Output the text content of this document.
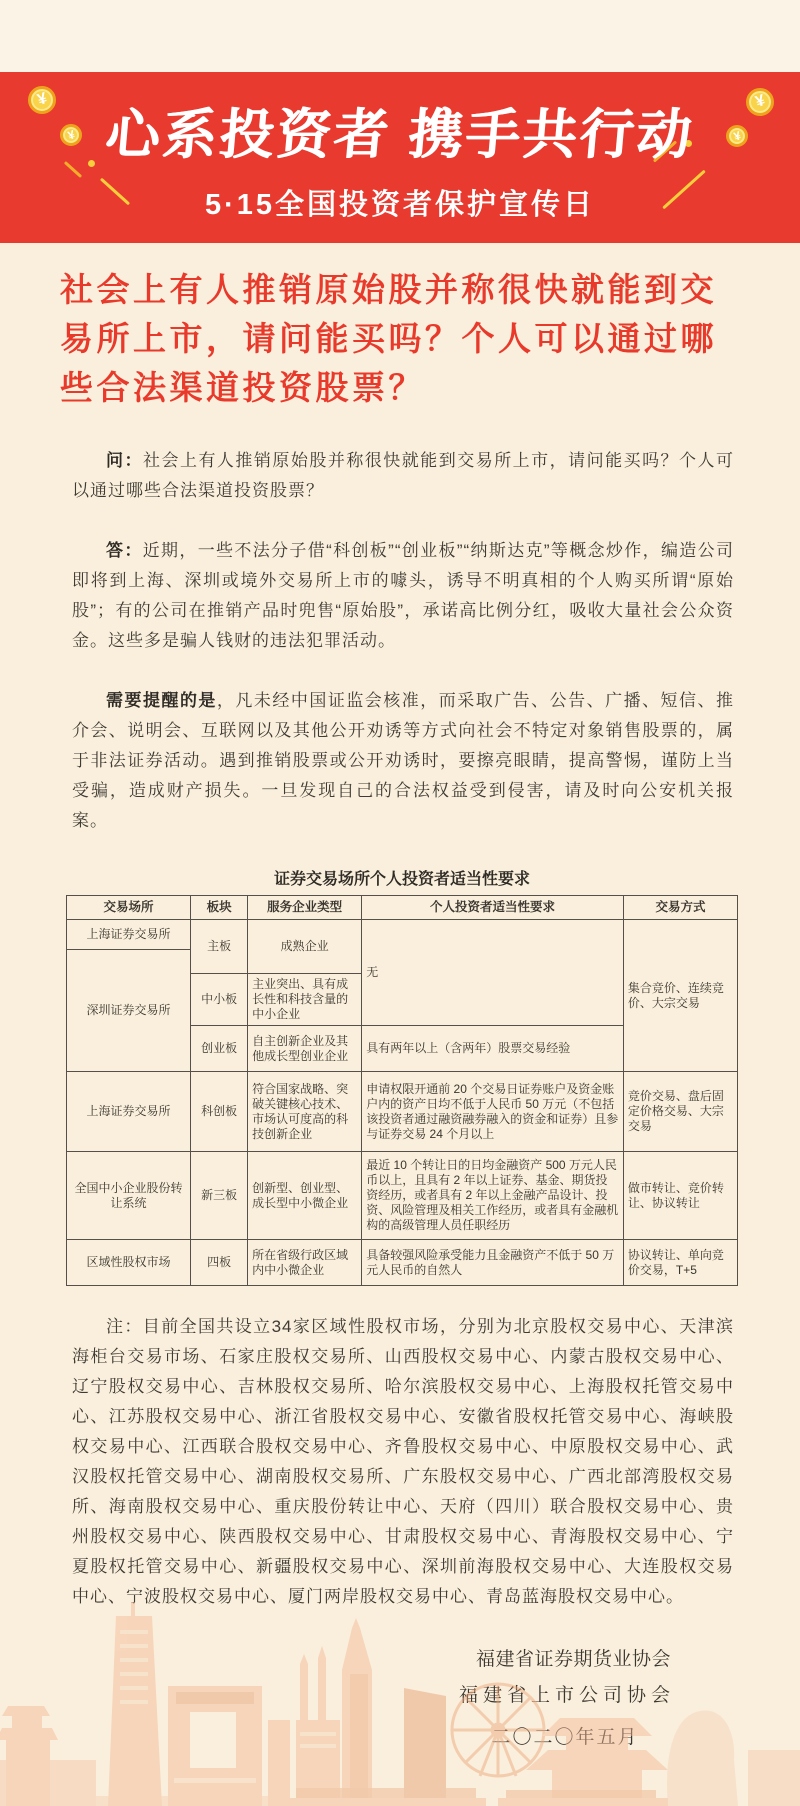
¥
¥
¥
¥
心系投资者 携手共行动
5·15全国投资者保护宣传日
社会上有人推销原始股并称很快就能到交易所上市，请问能买吗？个人可以通过哪些合法渠道投资股票？

问：社会上有人推销原始股并称很快就能到交易所上市，请问能买吗？个人可以通过哪些合法渠道投资股票？

答：近期，一些不法分子借“科创板”“创业板”“纳斯达克”等概念炒作，编造公司即将到上海、深圳或境外交易所上市的噱头，诱导不明真相的个人购买所谓“原始股”；有的公司在推销产品时兜售“原始股”，承诺高比例分红，吸收大量社会公众资金。这些多是骗人钱财的违法犯罪活动。

需要提醒的是，凡未经中国证监会核准，而采取广告、公告、广播、短信、推介会、说明会、互联网以及其他公开劝诱等方式向社会不特定对象销售股票的，属于非法证券活动。遇到推销股票或公开劝诱时，要擦亮眼睛，提高警惕，谨防上当受骗，造成财产损失。一旦发现自己的合法权益受到侵害，请及时向公安机关报案。

证券交易场所个人投资者适当性要求
交易场所	板块	服务企业类型	个人投资者适当性要求	交易方式
上海证券交易所	主板	成熟企业	无	集合竞价、连续竞价、大宗交易
深圳证券交易所				
	中小板	主业突出、具有成长性和科技含量的中小企业		
	创业板	自主创新企业及其他成长型创业企业	具有两年以上（含两年）股票交易经验	
上海证券交易所	科创板	符合国家战略、突破关键核心技术、市场认可度高的科技创新企业	申请权限开通前 20 个交易日证券账户及资金账户内的资产日均不低于人民币 50 万元（不包括该投资者通过融资融券融入的资金和证券）且参与证券交易 24 个月以上	竞价交易、盘后固定价格交易、大宗交易
全国中小企业股份转让系统	新三板	创新型、创业型、成长型中小微企业	最近 10 个转让日的日均金融资产 500 万元人民币以上，且具有 2 年以上证券、基金、期货投资经历，或者具有 2 年以上金融产品设计、投资、风险管理及相关工作经历，或者具有金融机构的高级管理人员任职经历	做市转让、竞价转让、协议转让
区域性股权市场	四板	所在省级行政区域内中小微企业	具备较强风险承受能力且金融资产不低于 50 万元人民币的自然人	协议转让、单向竞价交易，T+5

注：目前全国共设立34家区域性股权市场，分别为北京股权交易中心、天津滨海柜台交易市场、石家庄股权交易所、山西股权交易中心、内蒙古股权交易中心、辽宁股权交易中心、吉林股权交易所、哈尔滨股权交易中心、上海股权托管交易中心、江苏股权交易中心、浙江省股权交易中心、安徽省股权托管交易中心、海峡股权交易中心、江西联合股权交易中心、齐鲁股权交易中心、中原股权交易中心、武汉股权托管交易中心、湖南股权交易所、广东股权交易中心、广西北部湾股权交易所、海南股权交易中心、重庆股份转让中心、天府（四川）联合股权交易中心、贵州股权交易中心、陕西股权交易中心、甘肃股权交易中心、青海股权交易中心、宁夏股权托管交易中心、新疆股权交易中心、深圳前海股权交易中心、大连股权交易中心、宁波股权交易中心、厦门两岸股权交易中心、青岛蓝海股权交易中心。

福建省证券期货业协会
福建省上市公司协会
二〇二〇年五月
